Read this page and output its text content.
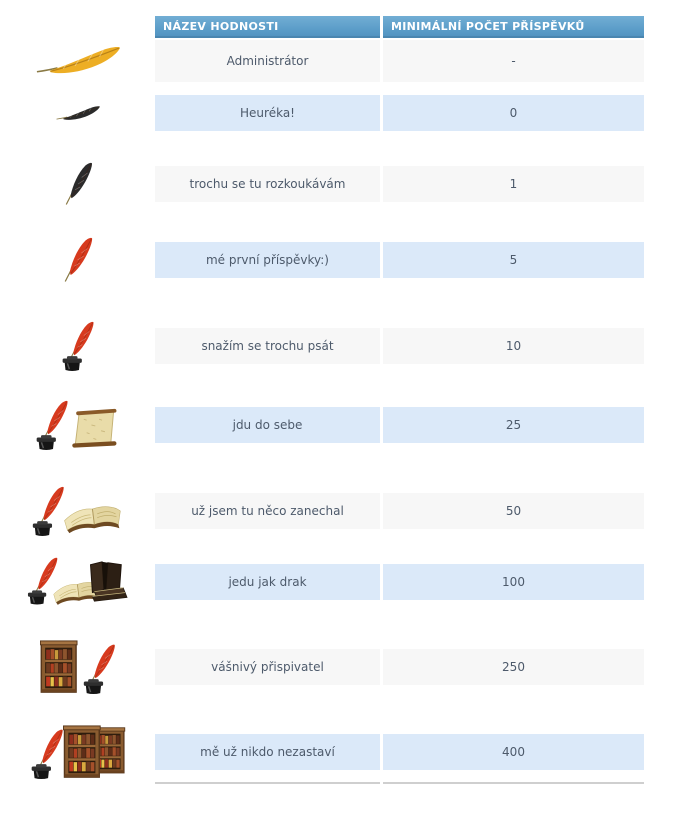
NÁZEV HODNOSTI	MINIMÁLNÍ POČET PŘÍSPĚVKŮ
Administrátor	-
Heuréka!	0
trochu se tu rozkoukávám	1
mé první příspěvky:)	5
snažím se trochu psát	10
jdu do sebe	25
už jsem tu něco zanechal	50
jedu jak drak	100
vášnivý přispivatel	250
mě už nikdo nezastaví	400
